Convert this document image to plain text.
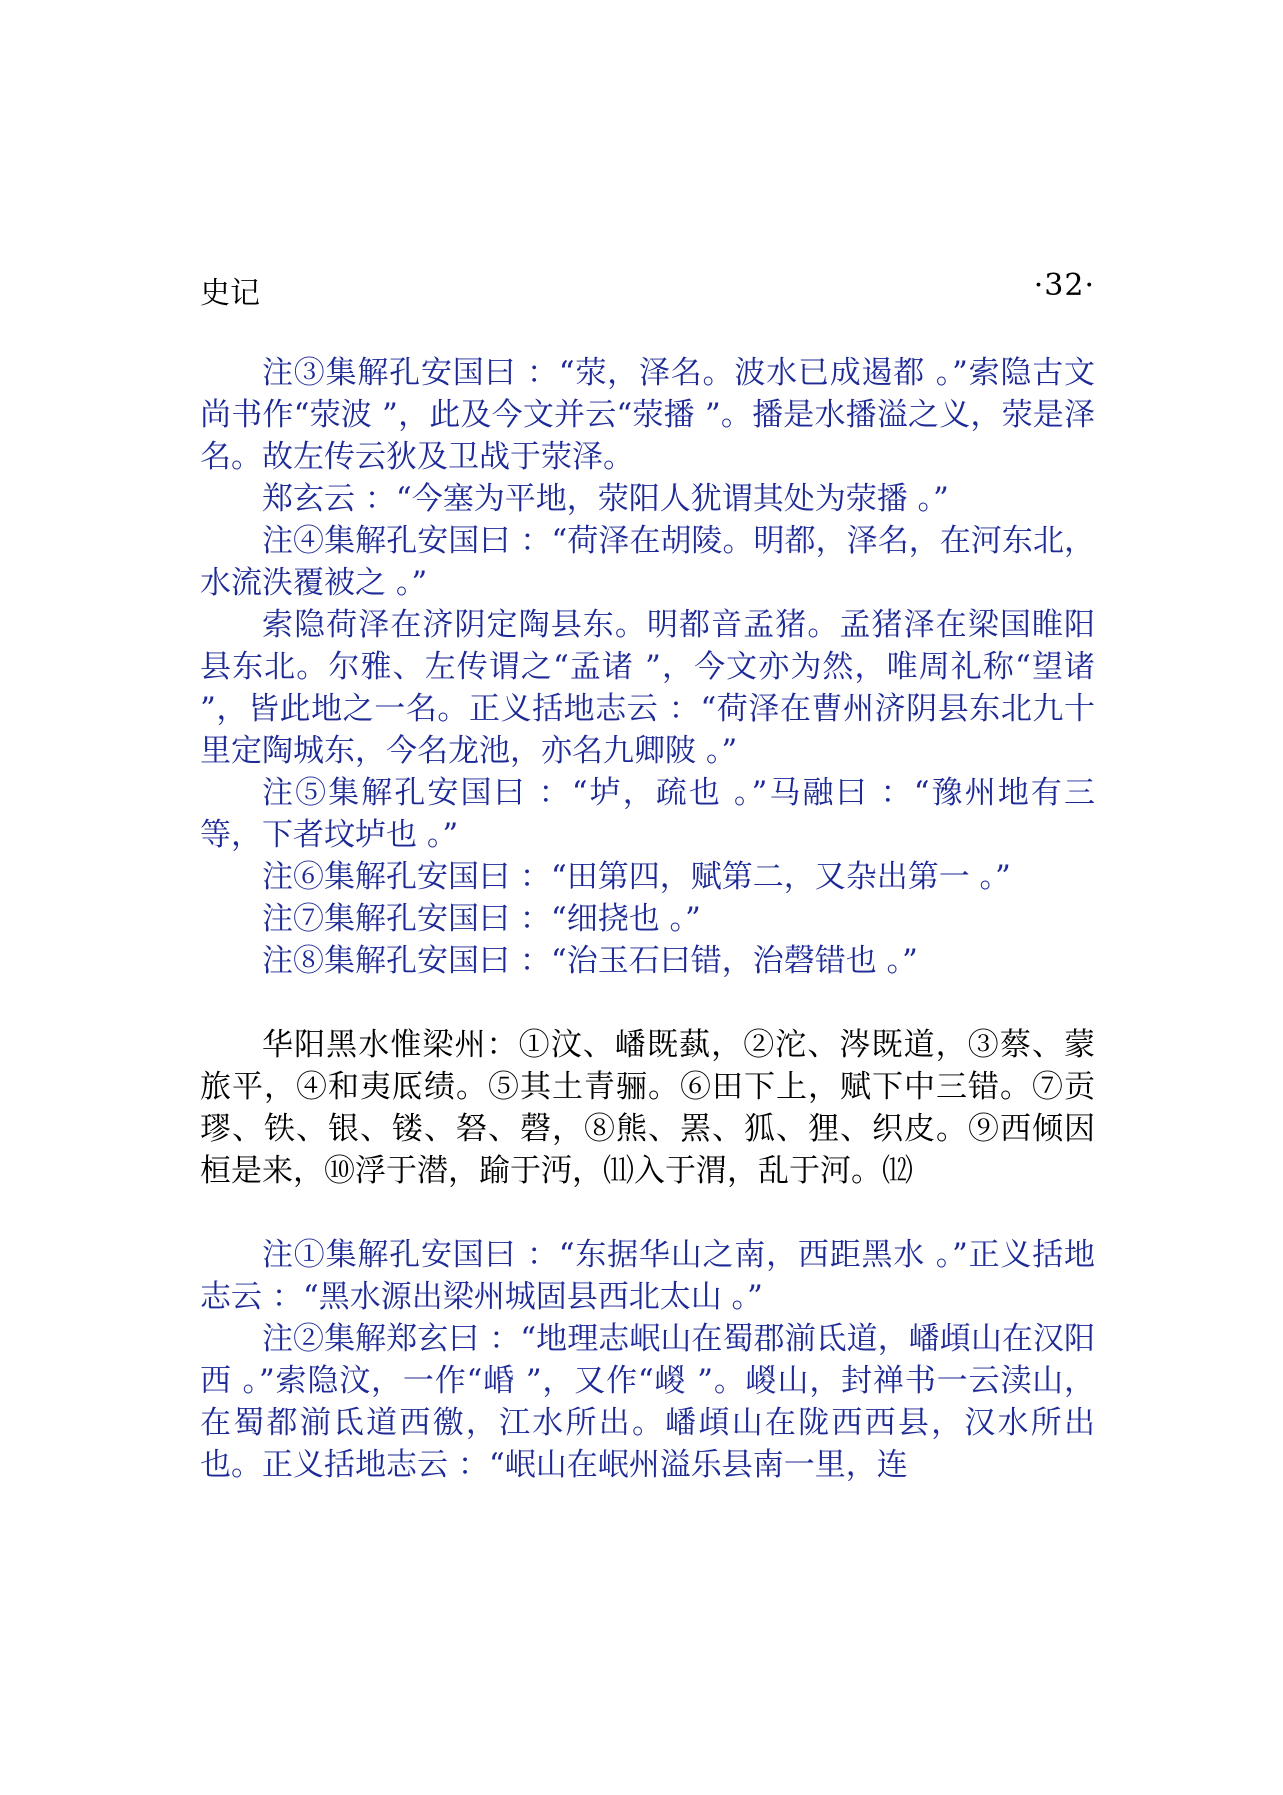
史记	·32·

注③集解孔安国曰 ：“荥，泽名。波水已成遏都 。”索隐古文尚书作“荥波 ”，此及今文并云“荥播 ”。播是水播溢之义，荥是泽名。故左传云狄及卫战于荥泽。

郑玄云 ：“今塞为平地，荥阳人犹谓其处为荥播 。”

注④集解孔安国曰 ：“荷泽在胡陵。明都，泽名，在河东北，水流泆覆被之 。”

索隐荷泽在济阴定陶县东。明都音孟猪。孟猪泽在梁国睢阳县东北。尔雅、左传谓之“孟诸 ”，今文亦为然，唯周礼称“望诸 ”，皆此地之一名。正义括地志云 ：“荷泽在曹州济阴县东北九十里定陶城东，今名龙池，亦名九卿陂 。”

注⑤集解孔安国曰 ：“垆，疏也 。”马融曰 ：“豫州地有三等，下者坟垆也 。”

注⑥集解孔安国曰 ：“田第四，赋第二，又杂出第一 。”

注⑦集解孔安国曰 ：“细挠也 。”

注⑧集解孔安国曰 ：“治玉石曰错，治磬错也 。”

华阳黑水惟梁州：①汶、嶓既蓺，②沱、涔既道，③蔡、蒙旅平，④和夷厎绩。⑤其土青骊。⑥田下上，赋下中三错。⑦贡璆、铁、银、镂、砮、磬，⑧熊、罴、狐、狸、织皮。⑨西倾因桓是来，⑩浮于潜，踰于沔，⑾入于渭，乱于河。⑿

注①集解孔安国曰 ：“东据华山之南，西距黑水 。”正义括地志云 ：“黑水源出梁州城固县西北太山 。”

注②集解郑玄曰 ：“地理志岷山在蜀郡湔氐道，嶓頉山在汉阳西 。”索隐汶，一作“崏 ”，又作“嵕 ”。嵕山，封禅书一云渎山，在蜀都湔氐道西徼，江水所出。嶓頉山在陇西西县，汉水所出也。正义括地志云 ：“岷山在岷州溢乐县南一里，连
